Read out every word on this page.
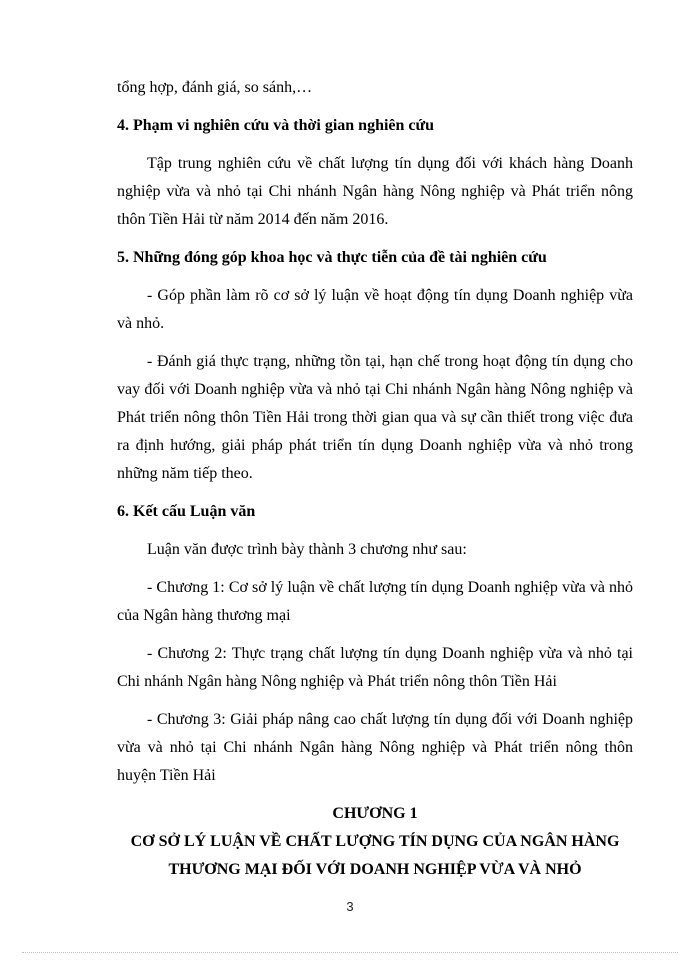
tổng hợp, đánh giá, so sánh,…

4. Phạm vi nghiên cứu và thời gian nghiên cứu

Tập trung nghiên cứu về chất lượng tín dụng đối với khách hàng Doanh nghiệp vừa và nhỏ tại Chi nhánh Ngân hàng Nông nghiệp và Phát triển nông thôn Tiền Hải từ năm 2014 đến năm 2016.

5. Những đóng góp khoa học và thực tiễn của đề tài nghiên cứu

- Góp phần làm rõ cơ sở lý luận về hoạt động tín dụng Doanh nghiệp vừa và nhỏ.

- Đánh giá thực trạng, những tồn tại, hạn chế trong hoạt động tín dụng cho vay đối với Doanh nghiệp vừa và nhỏ tại Chi nhánh Ngân hàng Nông nghiệp và Phát triển nông thôn Tiền Hải trong thời gian qua và sự cần thiết trong việc đưa ra định hướng, giải pháp phát triển tín dụng Doanh nghiệp vừa và nhỏ trong những năm tiếp theo.

6. Kết cấu Luận văn

Luận văn được trình bày thành 3 chương như sau:

- Chương 1: Cơ sở lý luận về chất lượng tín dụng Doanh nghiệp vừa và nhỏ của Ngân hàng thương mại

- Chương 2: Thực trạng chất lượng tín dụng Doanh nghiệp vừa và nhỏ tại Chi nhánh Ngân hàng Nông nghiệp và Phát triển nông thôn Tiền Hải

- Chương 3: Giải pháp nâng cao chất lượng tín dụng đối với Doanh nghiệp vừa và nhỏ tại Chi nhánh Ngân hàng Nông nghiệp và Phát triển nông thôn huyện Tiền Hải

CHƯƠNG 1
CƠ SỞ LÝ LUẬN VỀ CHẤT LƯỢNG TÍN DỤNG CỦA NGÂN HÀNG
THƯƠNG MẠI ĐỐI VỚI DOANH NGHIỆP VỪA VÀ NHỎ
3
